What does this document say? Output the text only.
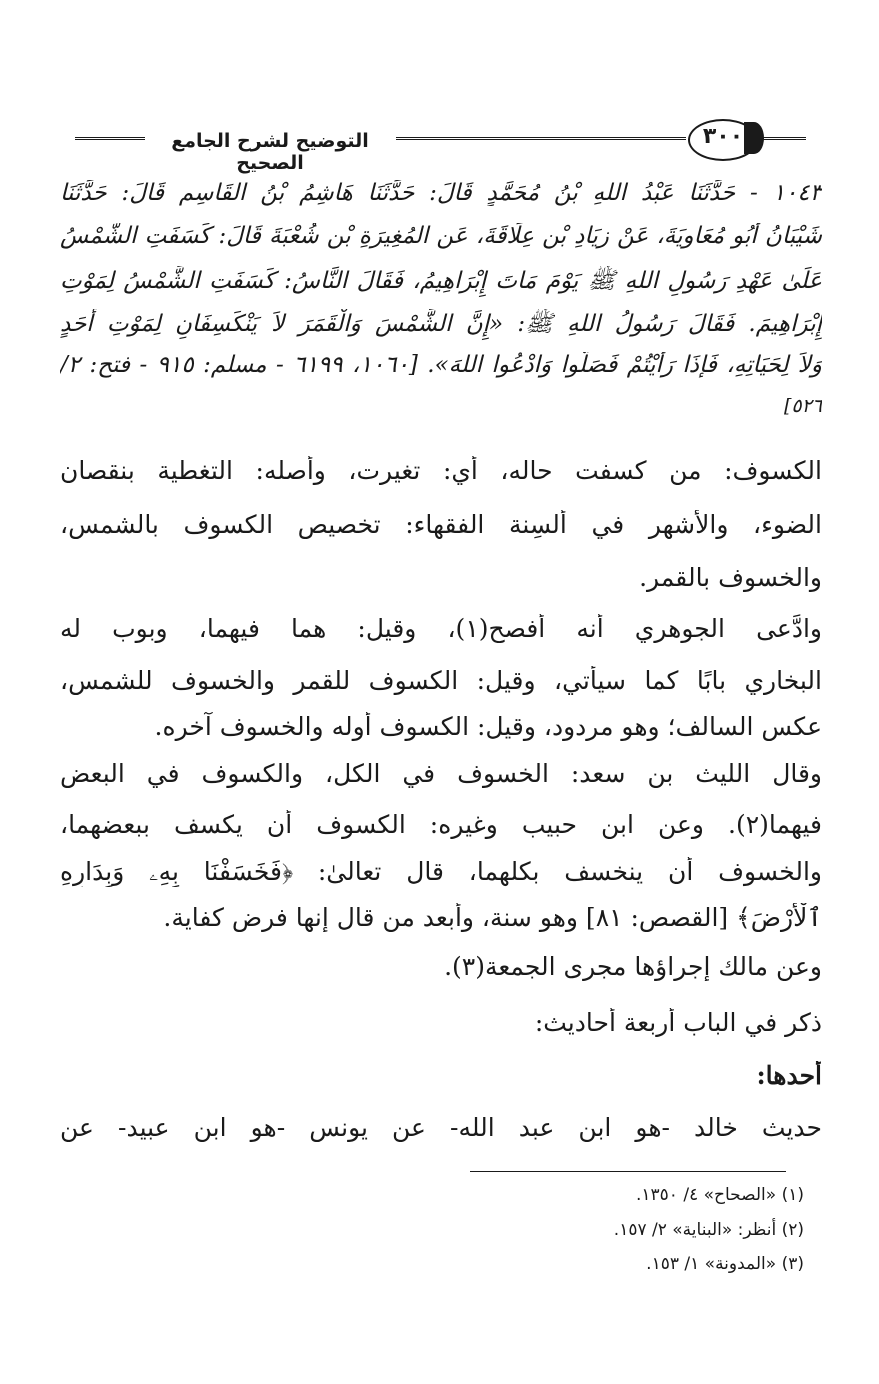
التوضيح لشرح الجامع الصحيح
٣٠٠
١٠٤٣ - حَدَّثَنَا عَبْدُ اللهِ بْنُ مُحَمَّدٍ قَالَ: حَدَّثَنَا هَاشِمُ بْنُ القَاسِمِ قَالَ: حَدَّثَنَا
شَيْبَانُ أَبُو مُعَاوِيَةَ، عَنْ زِيَادِ بْنِ عِلَاقَةَ، عَنِ المُغِيرَةِ بْنِ شُعْبَةَ قَالَ: كَسَفَتِ الشَّمْسُ
عَلَىٰ عَهْدِ رَسُولِ اللهِ ﷺ يَوْمَ مَاتَ إِبْرَاهِيمُ، فَقَالَ النَّاسُ: كَسَفَتِ الشَّمْسُ لِمَوْتِ
إِبْرَاهِيمَ. فَقَالَ رَسُولُ اللهِ ﷺ: «إِنَّ الشَّمْسَ وَالْقَمَرَ لاَ يَنْكَسِفَانِ لِمَوْتِ أَحَدٍ
وَلاَ لِحَيَاتِهِ، فَإِذَا رَأَيْتُمْ فَصَلُّوا وَادْعُوا اللهَ». [١٠٦٠، ٦١٩٩ - مسلم: ٩١٥ - فتح: ٢/
٥٢٦]
الكسوف: من كسفت حاله، أي: تغيرت، وأصله: التغطية بنقصان
الضوء، والأشهر في ألسِنة الفقهاء: تخصيص الكسوف بالشمس،
والخسوف بالقمر.
وادَّعى الجوهري أنه أفصح(١)، وقيل: هما فيهما، وبوب له
البخاري بابًا كما سيأتي، وقيل: الكسوف للقمر والخسوف للشمس،
عكس السالف؛ وهو مردود، وقيل: الكسوف أوله والخسوف آخره.
وقال الليث بن سعد: الخسوف في الكل، والكسوف في البعض
فيهما(٢). وعن ابن حبيب وغيره: الكسوف أن يكسف ببعضهما،
والخسوف أن ينخسف بكلهما، قال تعالىٰ: ﴿فَخَسَفْنَا بِهِۦ وَبِدَارِهِ
ٱلْأَرْضَ﴾ [القصص: ٨١] وهو سنة، وأبعد من قال إنها فرض كفاية.
وعن مالك إجراؤها مجرى الجمعة(٣).
ذكر في الباب أربعة أحاديث:
أحدها:
حديث خالد -هو ابن عبد الله- عن يونس -هو ابن عبيد- عن
(١) «الصحاح» ٤/ ١٣٥٠.
(٢) أنظر: «البناية» ٢/ ١٥٧.
(٣) «المدونة» ١/ ١٥٣.
